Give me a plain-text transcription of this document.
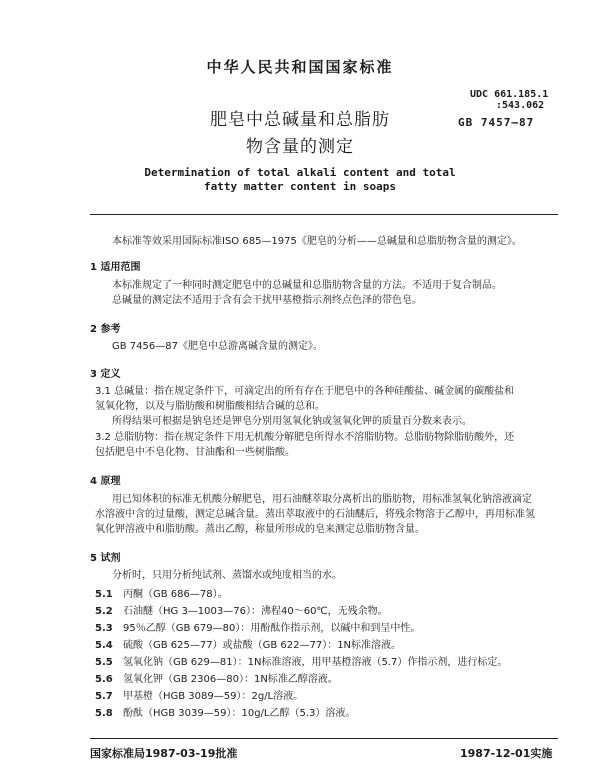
中华人民共和国国家标准
UDC 661.185.1
:543.062
GB 7457—87
肥皂中总碱量和总脂肪
物含量的测定
Determination of total alkali content and total
fatty matter content in soaps
本标准等效采用国际标准ISO 685—1975《肥皂的分析——总碱量和总脂肪物含量的测定》。
1 适用范围
本标准规定了一种同时测定肥皂中的总碱量和总脂肪物含量的方法。不适用于复合制品。
总碱量的测定法不适用于含有会干扰甲基橙指示剂终点色泽的带色皂。
2 参考
GB 7456—87《肥皂中总游离碱含量的测定》。
3 定义
3.1 总碱量：指在规定条件下，可滴定出的所有存在于肥皂中的各种硅酸盐、碱金属的碳酸盐和
氢氧化物，以及与脂肪酸和树脂酸相结合碱的总和。
所得结果可根据是钠皂还是钾皂分别用氢氧化钠或氢氧化钾的质量百分数来表示。
3.2 总脂肪物：指在规定条件下用无机酸分解肥皂所得水不溶脂肪物。总脂肪物除脂肪酸外，还
包括肥皂中不皂化物、甘油酯和一些树脂酸。
4 原理
用已知体积的标准无机酸分解肥皂，用石油醚萃取分离析出的脂肪物，用标准氢氧化钠溶液滴定
水溶液中含的过量酸，测定总碱含量。蒸出萃取液中的石油醚后，将残余物溶于乙醇中，再用标准氢
氧化钾溶液中和脂肪酸。蒸出乙醇，称量所形成的皂来测定总脂肪物含量。
5 试剂
分析时，只用分析纯试剂、蒸馏水或纯度相当的水。
5.1 丙酮（GB 686—78）。
5.2 石油醚（HG 3—1003—76）：沸程40～60℃，无残余物。
5.3 95％乙醇（GB 679—80）：用酚酞作指示剂，以碱中和到呈中性。
5.4 硫酸（GB 625—77）或盐酸（GB 622—77）：1N标准溶液。
5.5 氢氧化钠（GB 629—81）：1N标准溶液，用甲基橙溶液（5.7）作指示剂，进行标定。
5.6 氢氧化钾（GB 2306—80）：1N标准乙醇溶液。
5.7 甲基橙（HGB 3089—59）：2g/L溶液。
5.8 酚酞（HGB 3039—59）：10g/L乙醇（5.3）溶液。
国家标准局1987-03-19批准	1987-12-01实施
